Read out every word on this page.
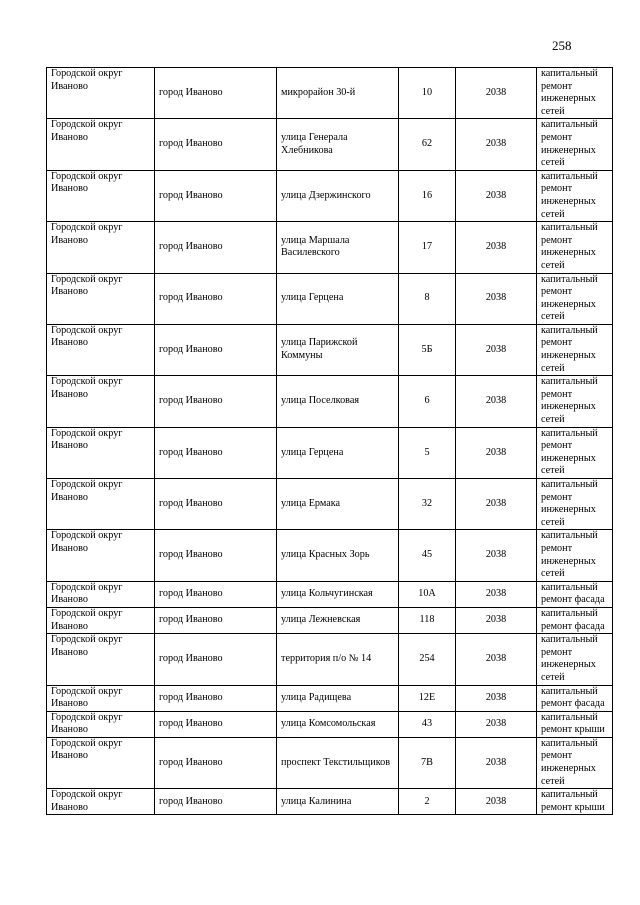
258
Городской округ Иваново	город Иваново	микрорайон 30-й	10	2038	капитальный ремонт инженерных сетей
Городской округ Иваново	город Иваново	улица Генерала Хлебникова	62	2038	капитальный ремонт инженерных сетей
Городской округ Иваново	город Иваново	улица Дзержинского	16	2038	капитальный ремонт инженерных сетей
Городской округ Иваново	город Иваново	улица Маршала Василевского	17	2038	капитальный ремонт инженерных сетей
Городской округ Иваново	город Иваново	улица Герцена	8	2038	капитальный ремонт инженерных сетей
Городской округ Иваново	город Иваново	улица Парижской Коммуны	5Б	2038	капитальный ремонт инженерных сетей
Городской округ Иваново	город Иваново	улица Поселковая	6	2038	капитальный ремонт инженерных сетей
Городской округ Иваново	город Иваново	улица Герцена	5	2038	капитальный ремонт инженерных сетей
Городской округ Иваново	город Иваново	улица Ермака	32	2038	капитальный ремонт инженерных сетей
Городской округ Иваново	город Иваново	улица Красных Зорь	45	2038	капитальный ремонт инженерных сетей
Городской округ Иваново	город Иваново	улица Кольчугинская	10А	2038	капитальный ремонт фасада
Городской округ Иваново	город Иваново	улица Лежневская	118	2038	капитальный ремонт фасада
Городской округ Иваново	город Иваново	территория п/о № 14	254	2038	капитальный ремонт инженерных сетей
Городской округ Иваново	город Иваново	улица Радищева	12Е	2038	капитальный ремонт фасада
Городской округ Иваново	город Иваново	улица Комсомольская	43	2038	капитальный ремонт крыши
Городской округ Иваново	город Иваново	проспект Текстильщиков	7В	2038	капитальный ремонт инженерных сетей
Городской округ Иваново	город Иваново	улица Калинина	2	2038	капитальный ремонт крыши
